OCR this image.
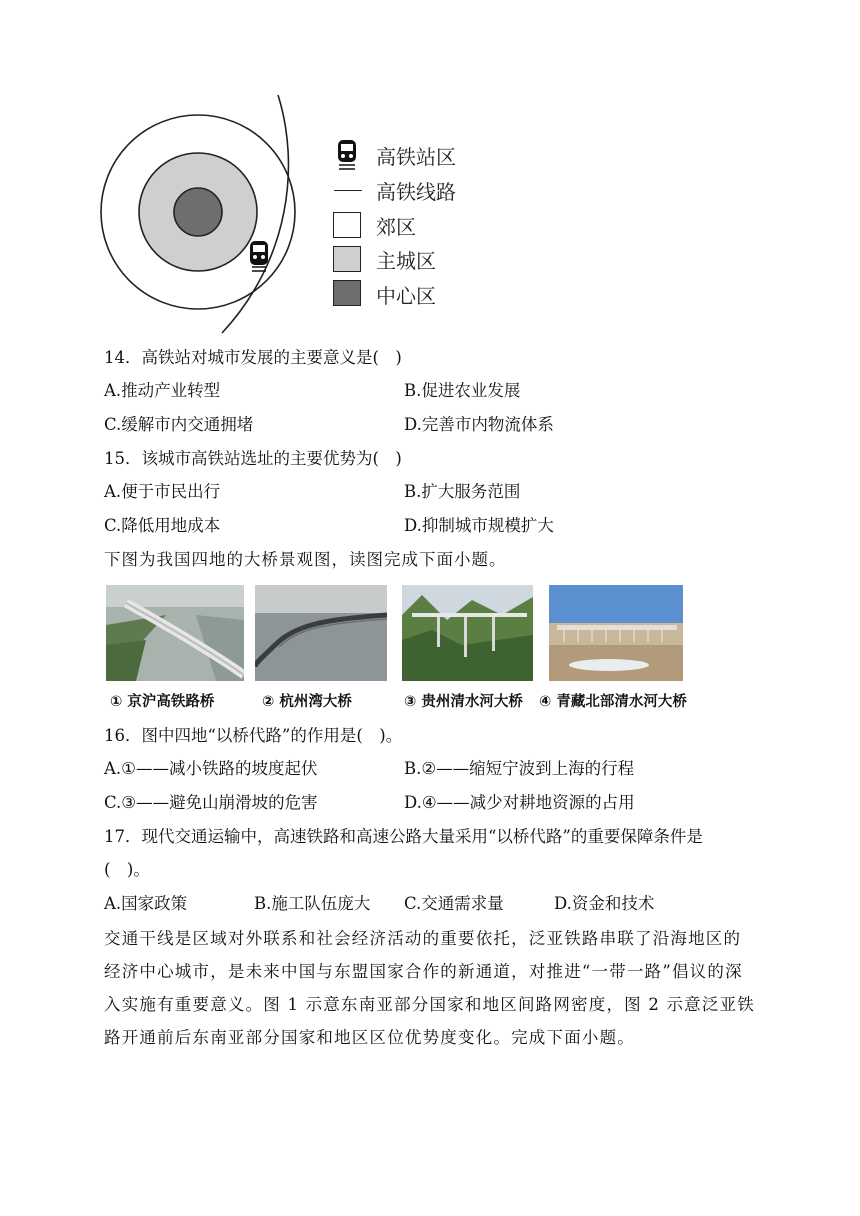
高铁站区
高铁线路
郊区
主城区
中心区
14．高铁站对城市发展的主要意义是(　)
A.推动产业转型	B.促进农业发展
C.缓解市内交通拥堵	D.完善市内物流体系
15．该城市高铁站选址的主要优势为(　)
A.便于市民出行	B.扩大服务范围
C.降低用地成本	D.抑制城市规模扩大
下图为我国四地的大桥景观图，读图完成下面小题。
① 京沪高铁路桥	② 杭州湾大桥	③ 贵州清水河大桥 ④ 青藏北部清水河大桥
16．图中四地“以桥代路”的作用是(　)。
A.①——减小铁路的坡度起伏	B.②——缩短宁波到上海的行程
C.③——避免山崩滑坡的危害	D.④——减少对耕地资源的占用
17．现代交通运输中，高速铁路和高速公路大量采用“以桥代路”的重要保障条件是
(　)。
A.国家政策	B.施工队伍庞大 C.交通需求量	D.资金和技术
交通干线是区域对外联系和社会经济活动的重要依托，泛亚铁路串联了沿海地区的经济中心城市，是未来中国与东盟国家合作的新通道，对推进“一带一路”倡议的深入实施有重要意义。图 1 示意东南亚部分国家和地区间路网密度，图 2 示意泛亚铁路开通前后东南亚部分国家和地区区位优势度变化。完成下面小题。
